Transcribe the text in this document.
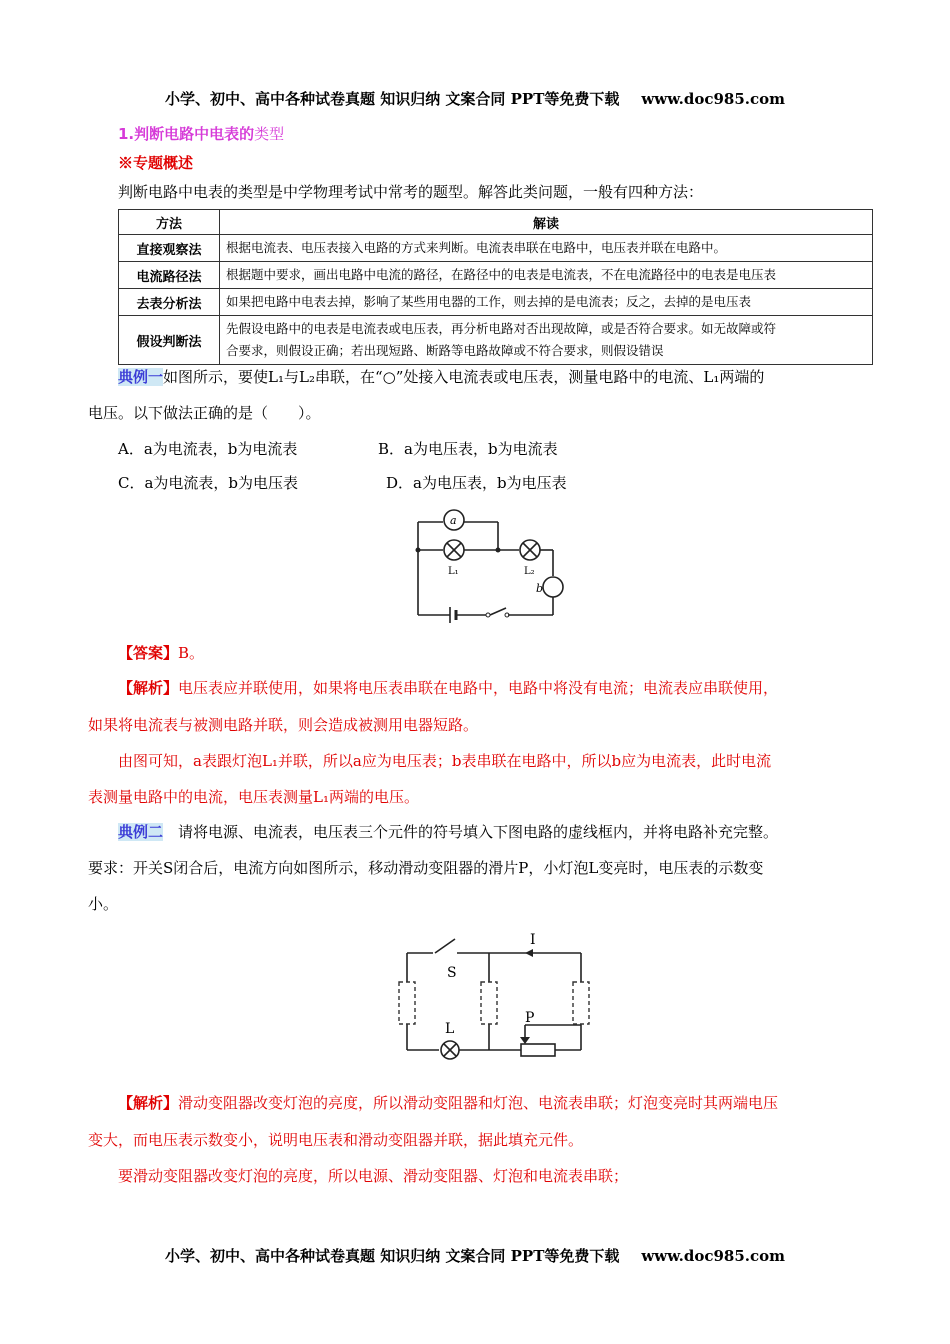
小学、初中、高中各种试卷真题 知识归纳 文案合同 PPT等免费下载 www.doc985.com
1.判断电路中电表的类型
※专题概述
判断电路中电表的类型是中学物理考试中常考的题型。解答此类问题，一般有四种方法：
方法	解读
直接观察法	根据电流表、电压表接入电路的方式来判断。电流表串联在电路中，电压表并联在电路中。
电流路径法	根据题中要求，画出电路中电流的路径，在路径中的电表是电流表，不在电流路径中的电表是电压表
去表分析法	如果把电路中电表去掉，影响了某些用电器的工作，则去掉的是电流表；反之，去掉的是电压表
假设判断法	先假设电路中的电表是电流表或电压表，再分析电路对否出现故障，或是否符合要求。如无故障或符
合要求，则假设正确；若出现短路、断路等电路故障或不符合要求，则假设错误
典例一如图所示，要使L₁与L₂串联，在“○”处接入电流表或电压表，测量电路中的电流、L₁两端的
电压。以下做法正确的是（　　）。
A．a为电流表，b为电流表	B．a为电压表，b为电流表
C．a为电流表，b为电压表	D．a为电压表，b为电压表
a
b
L₁	L₂
【答案】B。
【解析】电压表应并联使用，如果将电压表串联在电路中，电路中将没有电流；电流表应串联使用，
如果将电流表与被测电路并联，则会造成被测用电器短路。
由图可知，a表跟灯泡L₁并联，所以a应为电压表；b表串联在电路中，所以b应为电流表，此时电流
表测量电路中的电流，电压表测量L₁两端的电压。
典例二　 请将电源、电流表，电压表三个元件的符号填入下图电路的虚线框内，并将电路补充完整。
要求：开关S闭合后，电流方向如图所示，移动滑动变阻器的滑片P，小灯泡L变亮时，电压表的示数变
小。
I
S
L
P
【解析】滑动变阻器改变灯泡的亮度，所以滑动变阻器和灯泡、电流表串联；灯泡变亮时其两端电压
变大，而电压表示数变小，说明电压表和滑动变阻器并联，据此填充元件。
要滑动变阻器改变灯泡的亮度，所以电源、滑动变阻器、灯泡和电流表串联；
小学、初中、高中各种试卷真题 知识归纳 文案合同 PPT等免费下载 www.doc985.com
